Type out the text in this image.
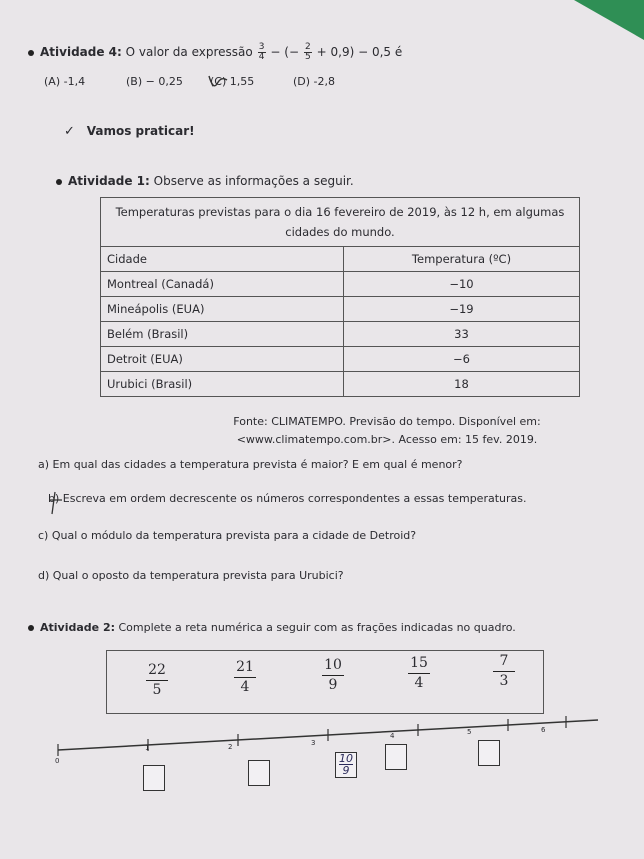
Atividade 4: O valor da expressão $\frac{3}{4}$ − (− $\frac{2}{5} + 0,9) - 0,5$ é
(A) -1,4	(B) − 0,25 (C) 1,55	(D) -2,8
✓ Vamos praticar!
Atividade 1: Observe as informações a seguir.
Temperaturas previstas para o dia 16 fevereiro de 2019, às 12 h, em algumas
cidades do mundo.	
Cidade	Temperatura (ºC)
Montreal (Canadá)	−10
Mineápolis (EUA)	−19
Belém (Brasil)	33
Detroit (EUA)	−6
Urubici (Brasil)	18
Fonte: CLIMATEMPO. Previsão do tempo. Disponível em:
<www.climatempo.com.br>. Acesso em: 15 fev. 2019.
a) Em qual das cidades a temperatura prevista é maior? E em qual é menor?
b) Escreva em ordem decrescente os números correspondentes a essas temperaturas.
c) Qual o módulo da temperatura prevista para a cidade de Detroid?
d) Qual o oposto da temperatura prevista para Urubici?
Atividade 2: Complete a reta numérica a seguir com as frações indicadas no quadro.
22
5
21
4
10
9
15
4
7
3
0
1	2	3
4	5	6
10
9
